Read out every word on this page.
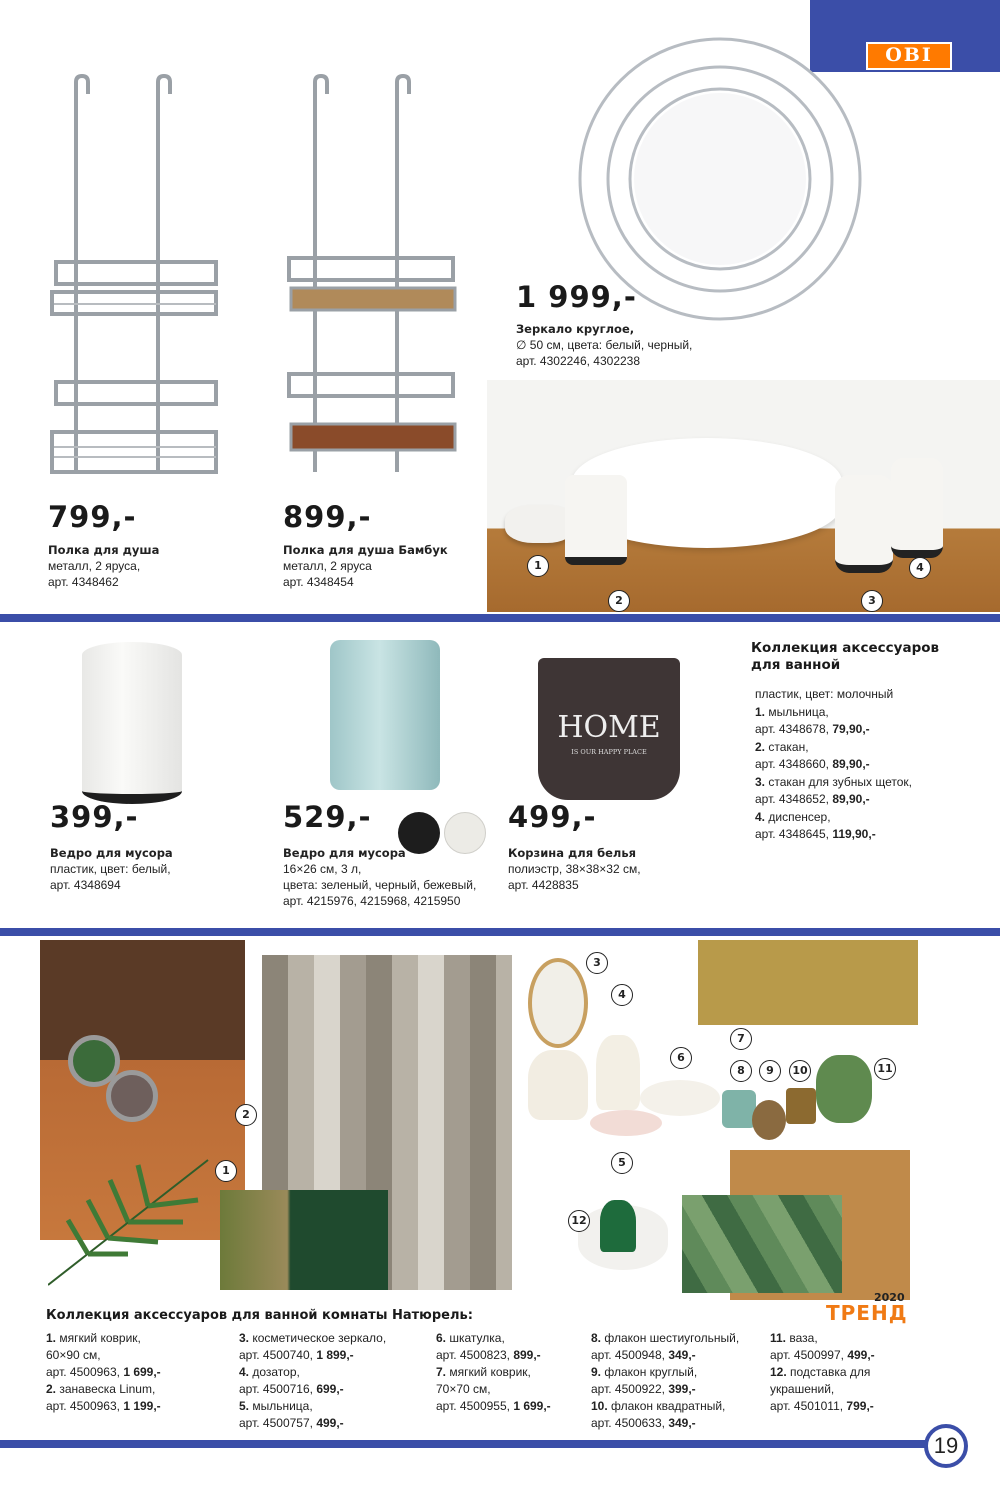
OBI
1
2	3
4
799,-
Полка для душа
металл, 2 яруса,
арт. 4348462
899,-
Полка для душа Бамбук
металл, 2 яруса
арт. 4348454
1 999,-
Зеркало круглое,
∅ 50 см, цвета: белый, черный,
арт. 4302246, 4302238
HOME
IS OUR HAPPY PLACE
399,-
Ведро для мусора
пластик, цвет: белый,
арт. 4348694
529,-
Ведро для мусора
16×26 см, 3 л,
цвета: зеленый, черный, бежевый,
арт. 4215976, 4215968, 4215950
499,-
Корзина для белья
полиэстр, 38×38×32 см,
арт. 4428835
Коллекция аксессуаров
для ванной
пластик, цвет: молочный
1. мыльница,
арт. 4348678, 79,90,-
2. стакан,
арт. 4348660, 89,90,-
3. стакан для зубных щеток,
арт. 4348652, 89,90,-
4. диспенсер,
арт. 4348645, 119,90,-
1
2
3
4
5
6
7
8	9	10	11
12
2020
ТРЕНД
Коллекция аксессуаров для ванной комнаты Натюрель:
1. мягкий коврик,
60×90 см,
арт. 4500963, 1 699,-
2. занавеска Linum,
арт. 4500963, 1 199,-
3. косметическое зеркало,
арт. 4500740, 1 899,-
4. дозатор,
арт. 4500716, 699,-
5. мыльница,
арт. 4500757, 499,-
6. шкатулка,
арт. 4500823, 899,-
7. мягкий коврик,
70×70 см,
арт. 4500955, 1 699,-
8. флакон шестиугольный,
арт. 4500948, 349,-
9. флакон круглый,
арт. 4500922, 399,-
10. флакон квадратный,
арт. 4500633, 349,-
11. ваза,
арт. 4500997, 499,-
12. подставка для
украшений,
арт. 4501011, 799,-
19
